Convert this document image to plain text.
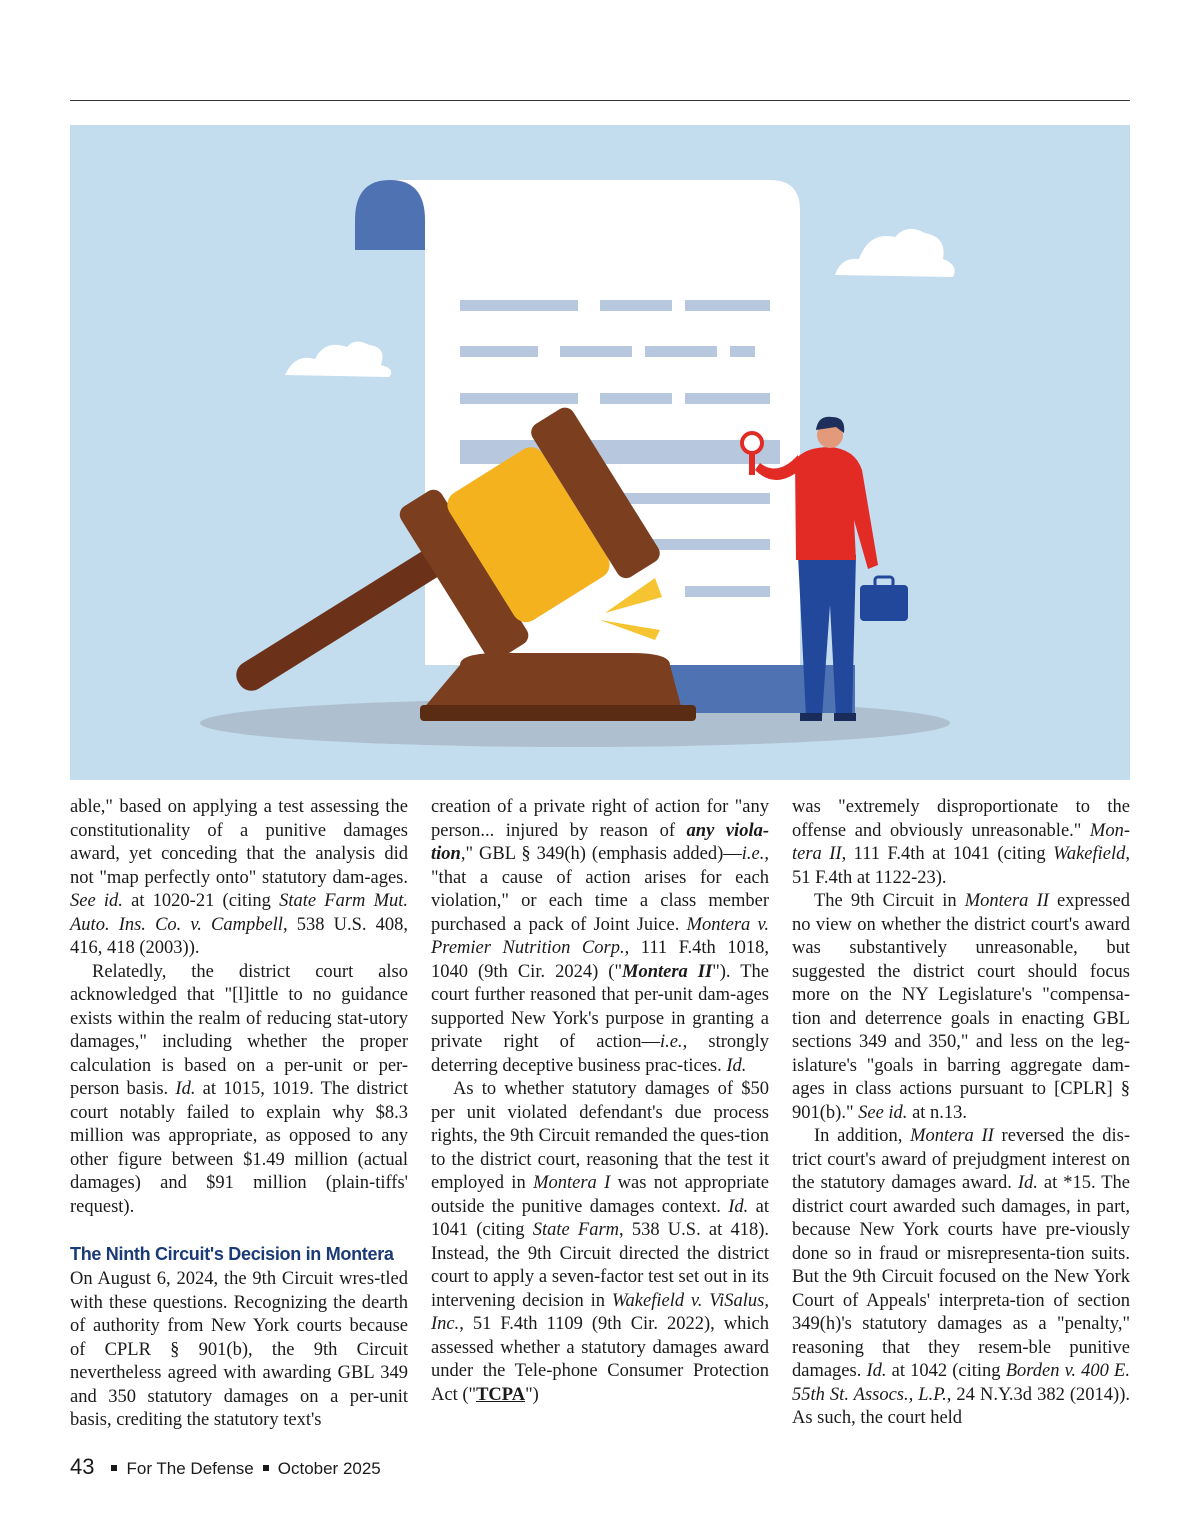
able," based on applying a test assessing the constitutionality of a punitive damages award, yet conceding that the analysis did not "map perfectly onto" statutory dam-ages. See id. at 1020-21 (citing State Farm Mut. Auto. Ins. Co. v. Campbell, 538 U.S. 408, 416, 418 (2003)).

Relatedly, the district court also acknowledged that "[l]ittle to no guidance exists within the realm of reducing stat-utory damages," including whether the proper calculation is based on a per-unit or per-person basis. Id. at 1015, 1019. The district court notably failed to explain why $8.3 million was appropriate, as opposed to any other figure between $1.49 million (actual damages) and $91 million (plain-tiffs' request).

The Ninth Circuit's Decision in Montera

On August 6, 2024, the 9th Circuit wres-tled with these questions. Recognizing the dearth of authority from New York courts because of CPLR § 901(b), the 9th Circuit nevertheless agreed with awarding GBL 349 and 350 statutory damages on a per-unit basis, crediting the statutory text's

creation of a private right of action for "any person... injured by reason of any viola-tion," GBL § 349(h) (emphasis added)—i.e., "that a cause of action arises for each violation," or each time a class member purchased a pack of Joint Juice. Montera v. Premier Nutrition Corp., 111 F.4th 1018, 1040 (9th Cir. 2024) ("Montera II"). The court further reasoned that per-unit dam-ages supported New York's purpose in granting a private right of action—i.e., strongly deterring deceptive business prac-tices. Id.

As to whether statutory damages of $50 per unit violated defendant's due process rights, the 9th Circuit remanded the ques-tion to the district court, reasoning that the test it employed in Montera I was not appropriate outside the punitive damages context. Id. at 1041 (citing State Farm, 538 U.S. at 418). Instead, the 9th Circuit directed the district court to apply a seven-factor test set out in its intervening decision in Wakefield v. ViSalus, Inc., 51 F.4th 1109 (9th Cir. 2022), which assessed whether a statutory damages award under the Tele-phone Consumer Protection Act ("TCPA")

was "extremely disproportionate to the offense and obviously unreasonable." Mon-tera II, 111 F.4th at 1041 (citing Wakefield, 51 F.4th at 1122-23).

The 9th Circuit in Montera II expressed no view on whether the district court's award was substantively unreasonable, but suggested the district court should focus more on the NY Legislature's "compensa-tion and deterrence goals in enacting GBL sections 349 and 350," and less on the leg-islature's "goals in barring aggregate dam-ages in class actions pursuant to [CPLR] § 901(b)." See id. at n.13.

In addition, Montera II reversed the dis-trict court's award of prejudgment interest on the statutory damages award. Id. at *15. The district court awarded such damages, in part, because New York courts have pre-viously done so in fraud or misrepresenta-tion suits. But the 9th Circuit focused on the New York Court of Appeals' interpreta-tion of section 349(h)'s statutory damages as a "penalty," reasoning that they resem-ble punitive damages. Id. at 1042 (citing Borden v. 400 E. 55th St. Assocs., L.P., 24 N.Y.3d 382 (2014)). As such, the court held

43 For The Defense October 2025
